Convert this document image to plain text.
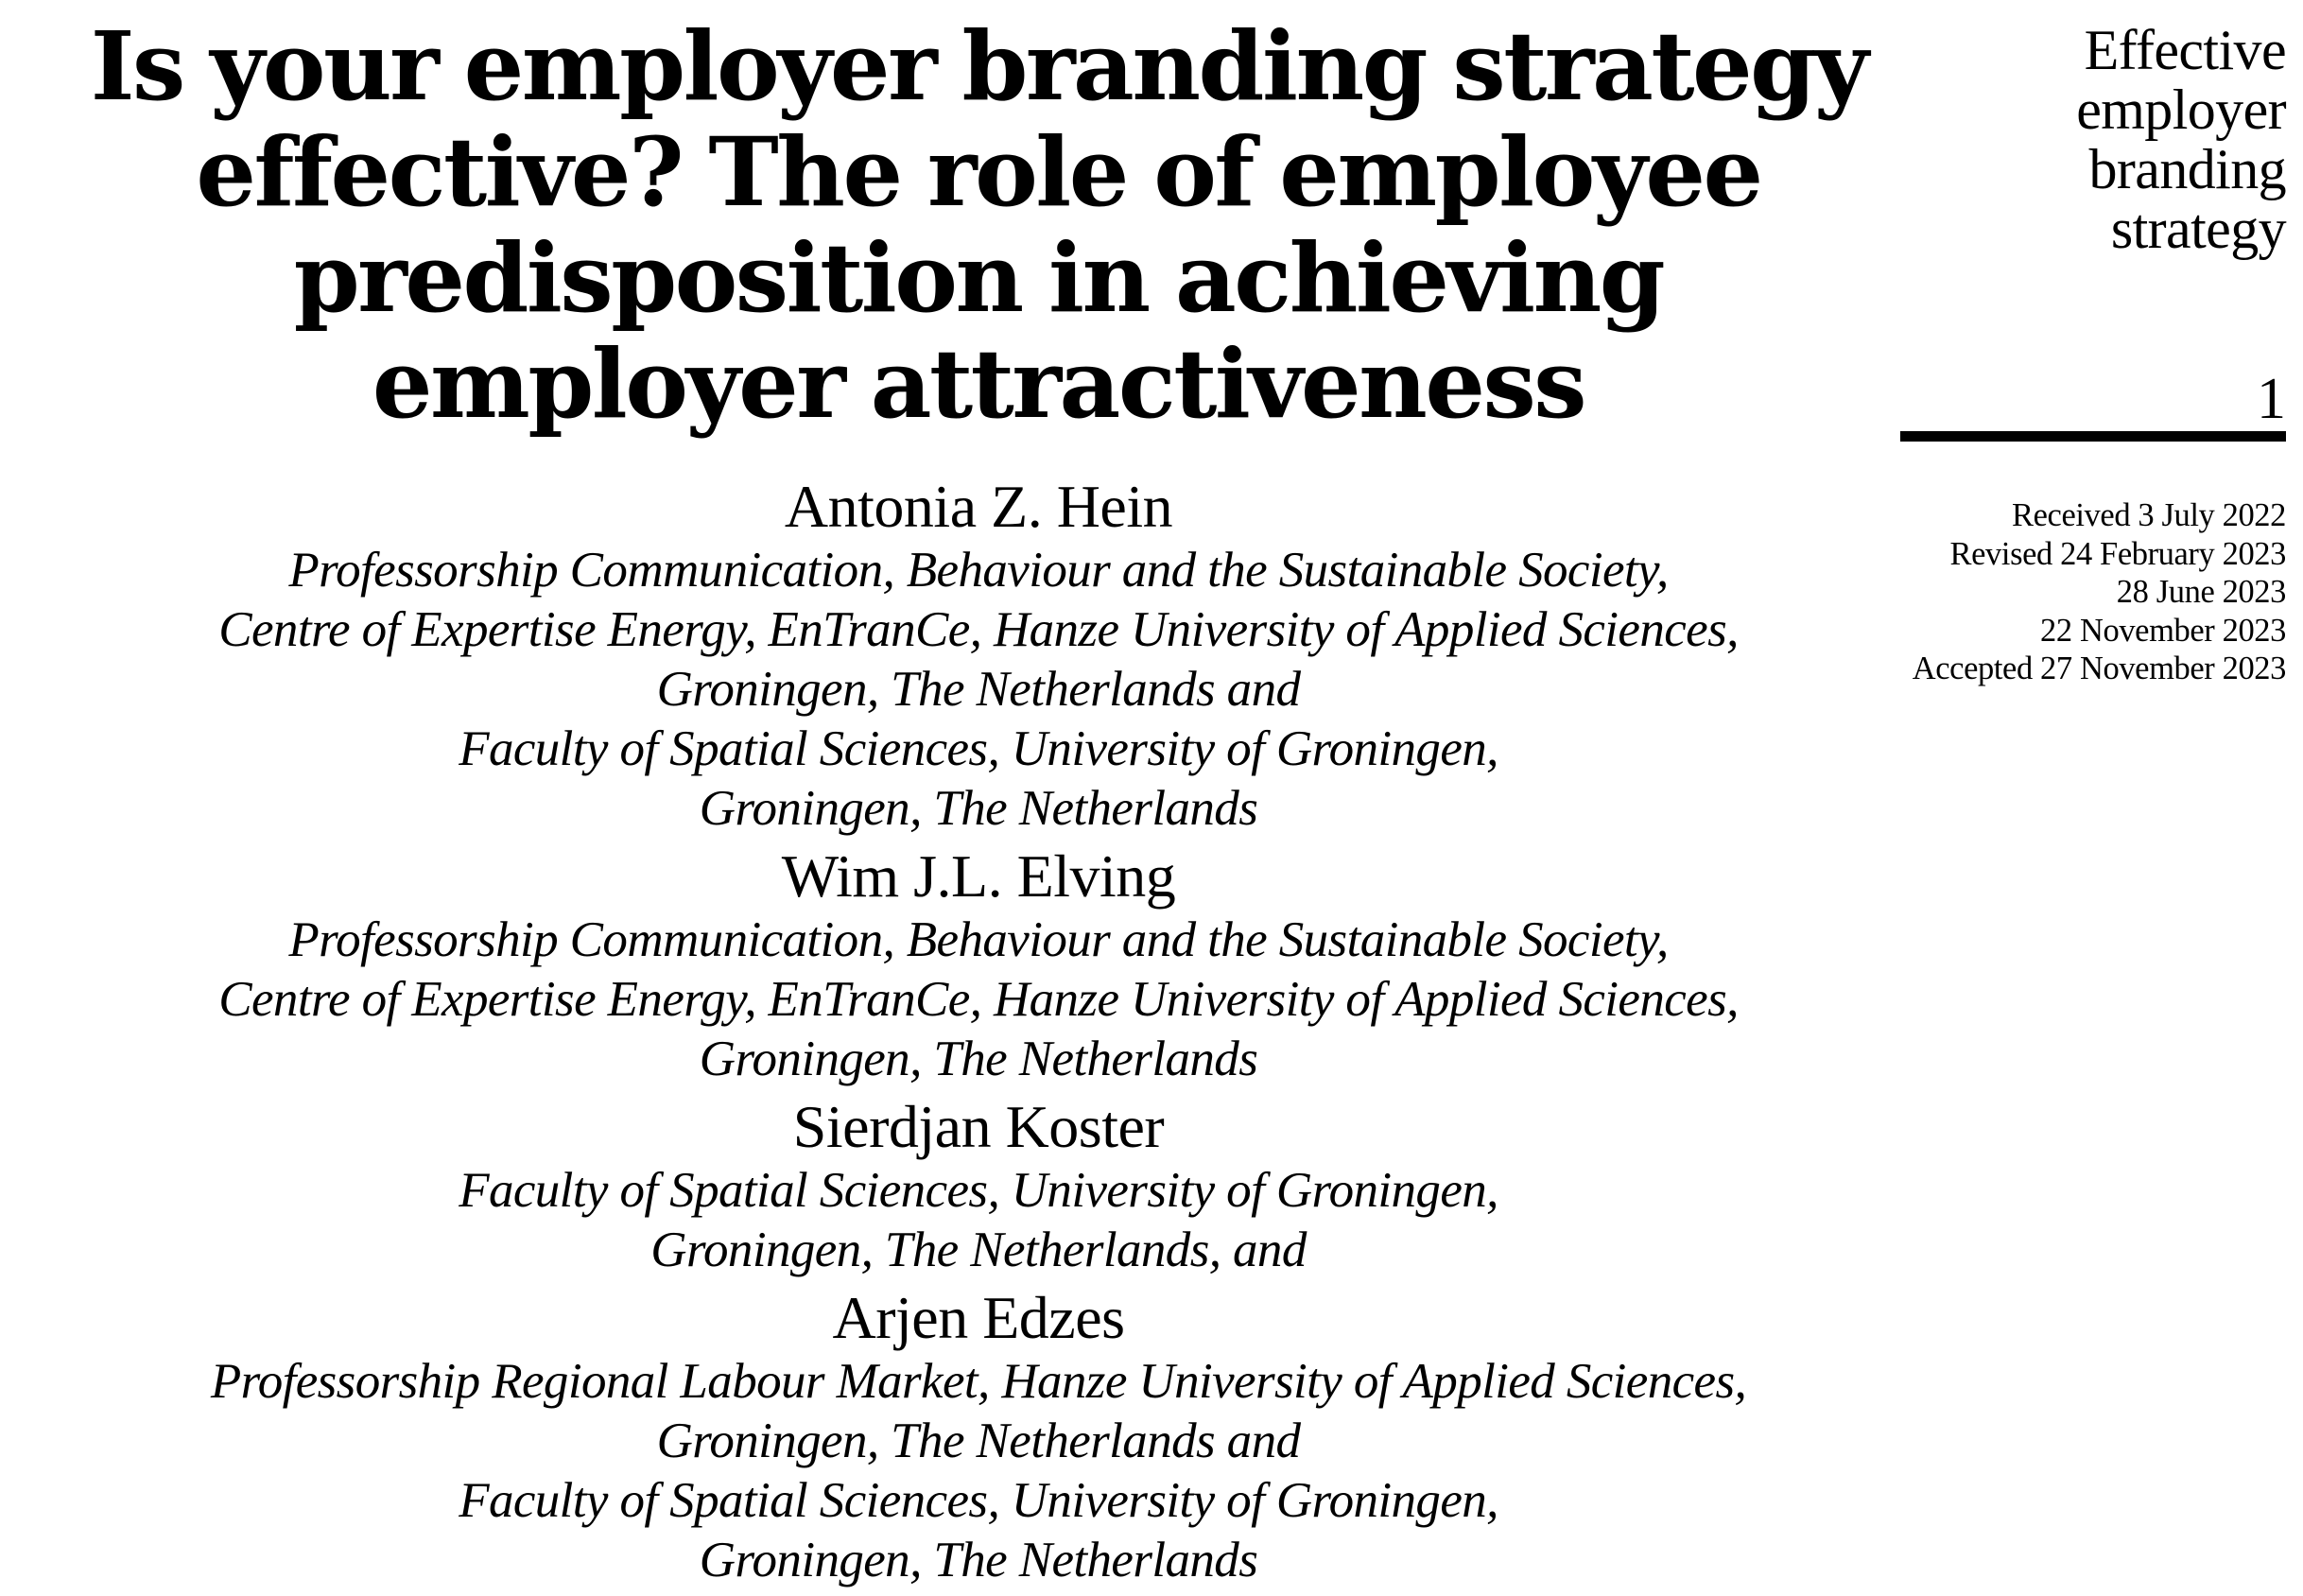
Is your employer branding strategy
effective? The role of employee
predisposition in achieving
employer attractiveness
Antonia Z. Hein
Professorship Communication, Behaviour and the Sustainable Society,
Centre of Expertise Energy, EnTranCe, Hanze University of Applied Sciences,
Groningen, The Netherlands and
Faculty of Spatial Sciences, University of Groningen,
Groningen, The Netherlands
Wim J.L. Elving
Professorship Communication, Behaviour and the Sustainable Society,
Centre of Expertise Energy, EnTranCe, Hanze University of Applied Sciences,
Groningen, The Netherlands
Sierdjan Koster
Faculty of Spatial Sciences, University of Groningen,
Groningen, The Netherlands, and
Arjen Edzes
Professorship Regional Labour Market, Hanze University of Applied Sciences,
Groningen, The Netherlands and
Faculty of Spatial Sciences, University of Groningen,
Groningen, The Netherlands
Effective
employer
branding
strategy
1
Received 3 July 2022
Revised 24 February 2023
28 June 2023
22 November 2023
Accepted 27 November 2023
